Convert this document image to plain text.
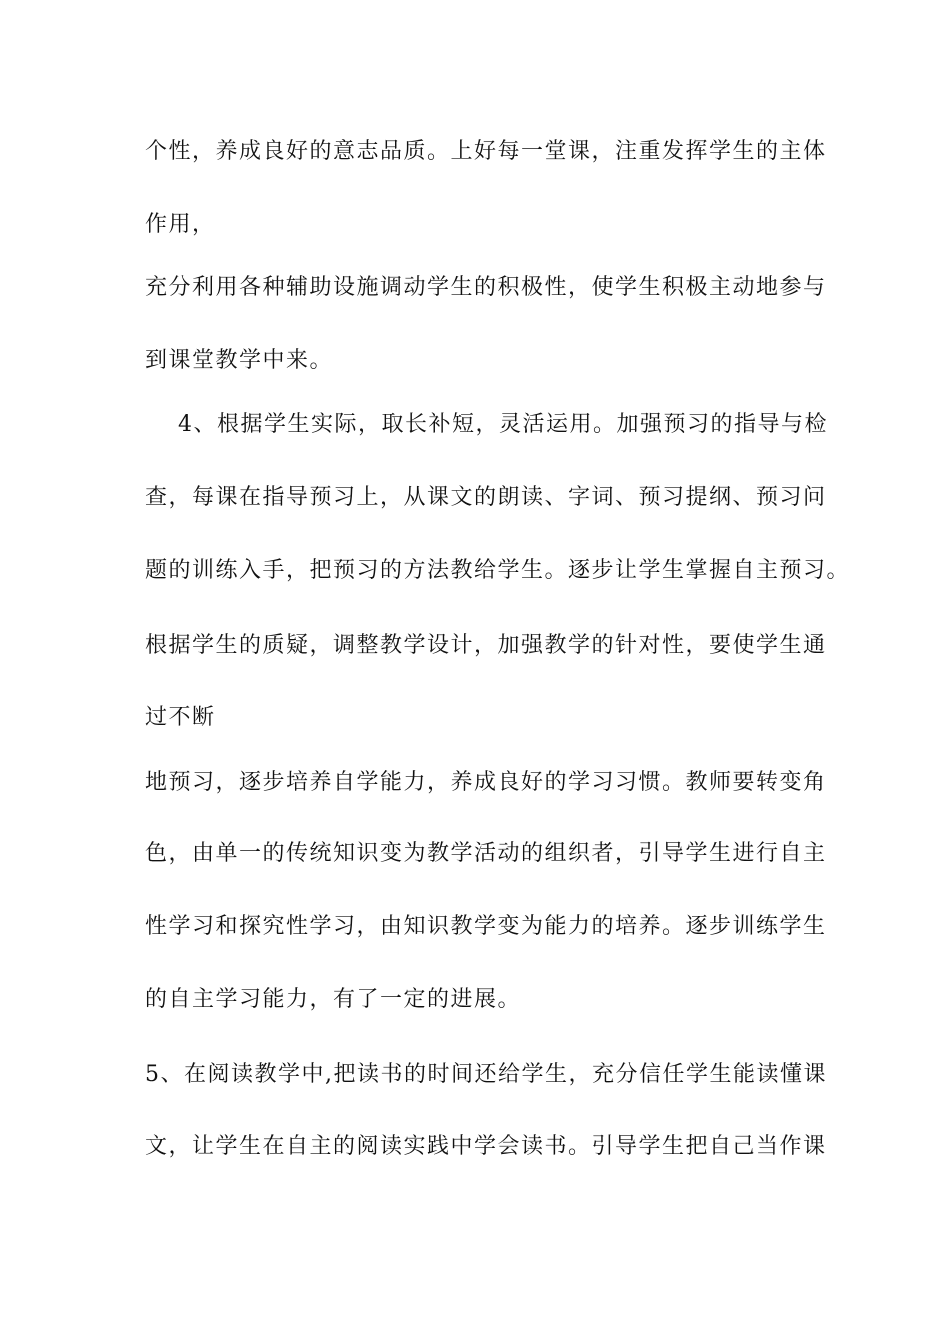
个性，养成良好的意志品质。上好每一堂课，注重发挥学生的主体
作用，
充分利用各种辅助设施调动学生的积极性，使学生积极主动地参与
到课堂教学中来。
4、根据学生实际，取长补短，灵活运用。加强预习的指导与检
查，每课在指导预习上，从课文的朗读、字词、预习提纲、预习问
题的训练入手，把预习的方法教给学生。逐步让学生掌握自主预习。
根据学生的质疑，调整教学设计，加强教学的针对性，要使学生通
过不断
地预习，逐步培养自学能力，养成良好的学习习惯。教师要转变角
色，由单一的传统知识变为教学活动的组织者，引导学生进行自主
性学习和探究性学习，由知识教学变为能力的培养。逐步训练学生
的自主学习能力，有了一定的进展。
5、在阅读教学中,把读书的时间还给学生，充分信任学生能读懂课
文，让学生在自主的阅读实践中学会读书。引导学生把自己当作课
